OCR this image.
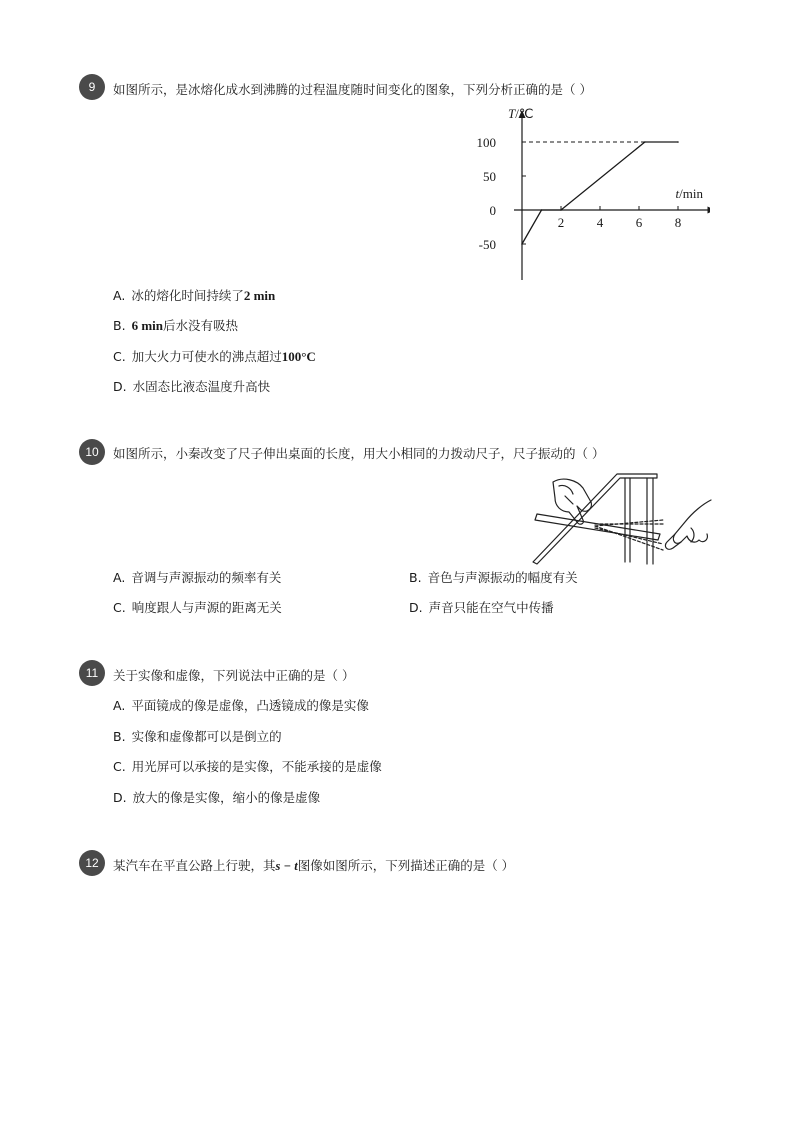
9	如图所示，是冰熔化成水到沸腾的过程温度随时间变化的图象，下列分析正确的是（ ）
T/℃
t/min
2	4	6	8
100
50
0
-50
A. 冰的熔化时间持续了2 min
B. 6 min后水没有吸热
C. 加大火力可使水的沸点超过100°C
D. 水固态比液态温度升高快
10	如图所示，小秦改变了尺子伸出桌面的长度，用大小相同的力拨动尺子，尺子振动的（ ）
A. 音调与声源振动的频率有关	B. 音色与声源振动的幅度有关
C. 响度跟人与声源的距离无关	D. 声音只能在空气中传播
11	关于实像和虚像，下列说法中正确的是（ ）
A. 平面镜成的像是虚像，凸透镜成的像是实像
B. 实像和虚像都可以是倒立的
C. 用光屏可以承接的是实像，不能承接的是虚像
D. 放大的像是实像，缩小的像是虚像
12	某汽车在平直公路上行驶，其s − t图像如图所示，下列描述正确的是（ ）
